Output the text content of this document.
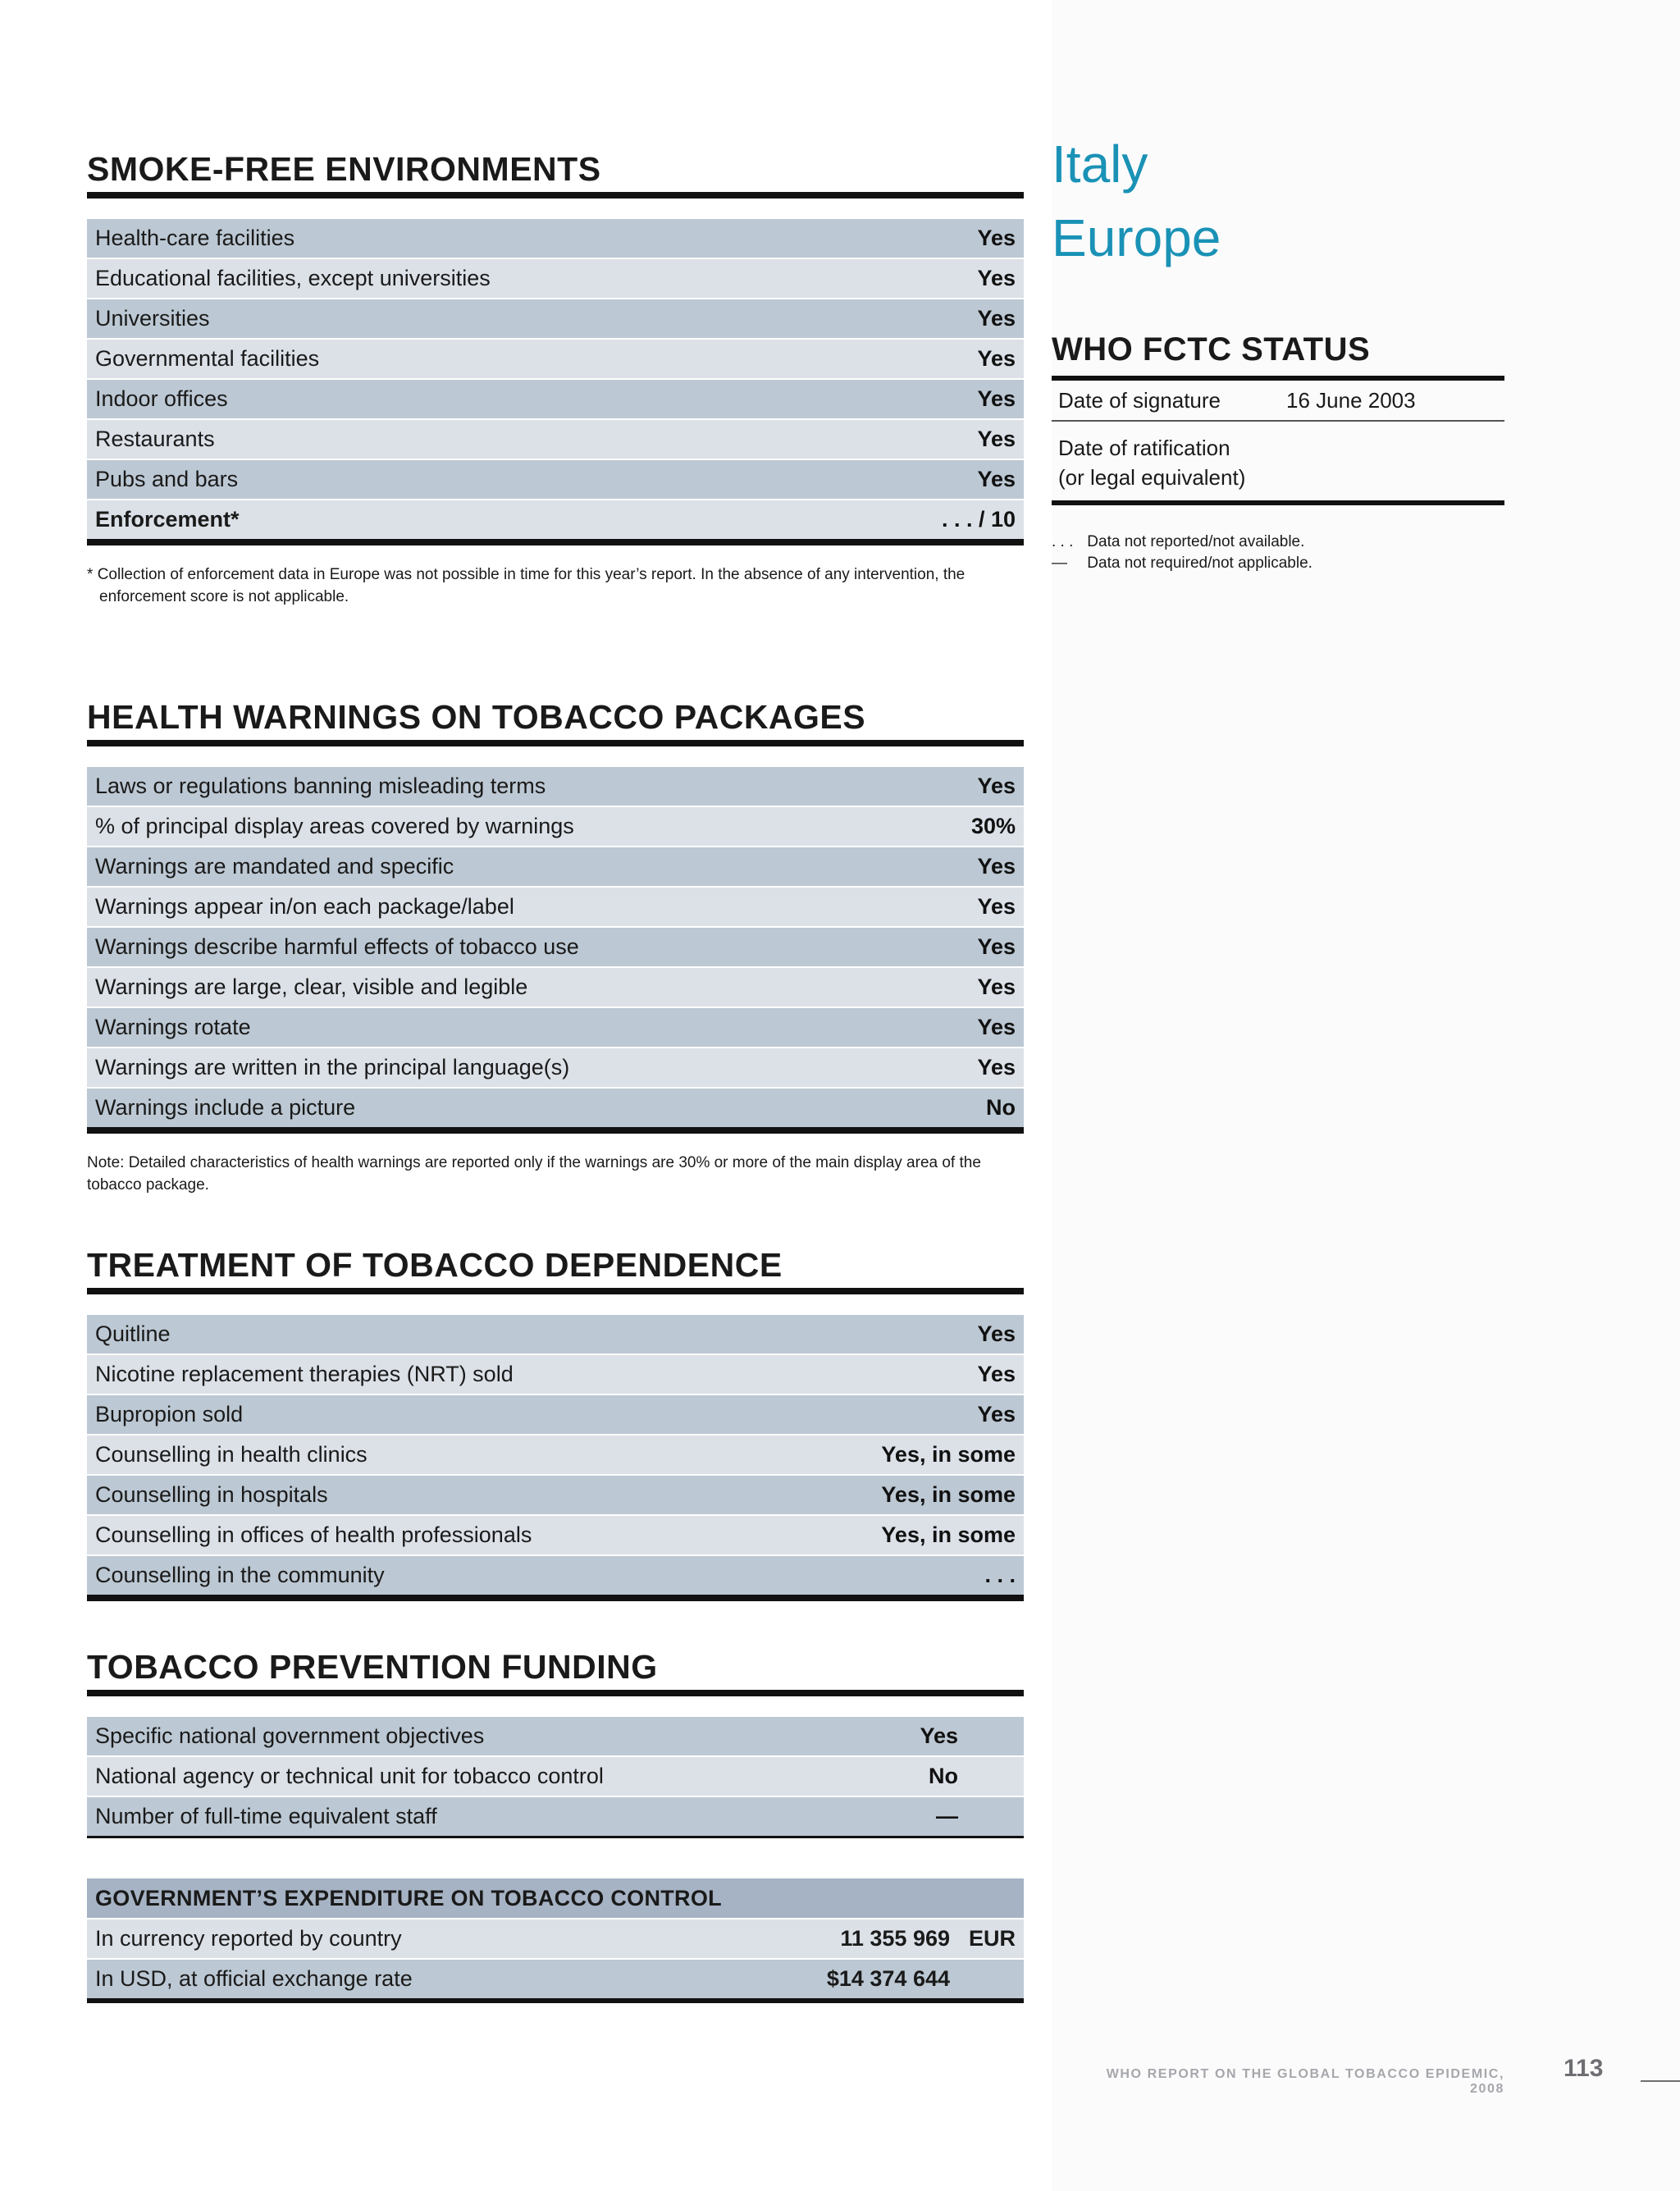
SMOKE-FREE ENVIRONMENTS
Health-care facilities	Yes
Educational facilities, except universities	Yes
Universities	Yes
Governmental facilities	Yes
Indoor offices	Yes
Restaurants	Yes
Pubs and bars	Yes
Enforcement*	. . . / 10
* Collection of enforcement data in Europe was not possible in time for this year’s report. In the absence of any intervention, the enforcement score is not applicable.
HEALTH WARNINGS ON TOBACCO PACKAGES
Laws or regulations banning misleading terms	Yes
% of principal display areas covered by warnings	30%
Warnings are mandated and specific	Yes
Warnings appear in/on each package/label	Yes
Warnings describe harmful effects of tobacco use	Yes
Warnings are large, clear, visible and legible	Yes
Warnings rotate	Yes
Warnings are written in the principal language(s)	Yes
Warnings include a picture	No
Note: Detailed characteristics of health warnings are reported only if the warnings are 30% or more of the main display area of the tobacco package.
TREATMENT OF TOBACCO DEPENDENCE
Quitline	Yes
Nicotine replacement therapies (NRT) sold	Yes
Bupropion sold	Yes
Counselling in health clinics	Yes, in some
Counselling in hospitals	Yes, in some
Counselling in offices of health professionals	Yes, in some
Counselling in the community	. . .
TOBACCO PREVENTION FUNDING
Specific national government objectives	Yes
National agency or technical unit for tobacco control	No
Number of full-time equivalent staff	—
GOVERNMENT’S EXPENDITURE ON TOBACCO CONTROL
In currency reported by country	11 355 969	EUR
In USD, at official exchange rate	$14 374 644	
Italy
Europe
WHO FCTC STATUS
Date of signature	16 June 2003
Date of ratification
(or legal equivalent)
. . . Data not reported/not available.
— Data not required/not applicable.
WHO REPORT ON THE GLOBAL TOBACCO EPIDEMIC, 2008
113
